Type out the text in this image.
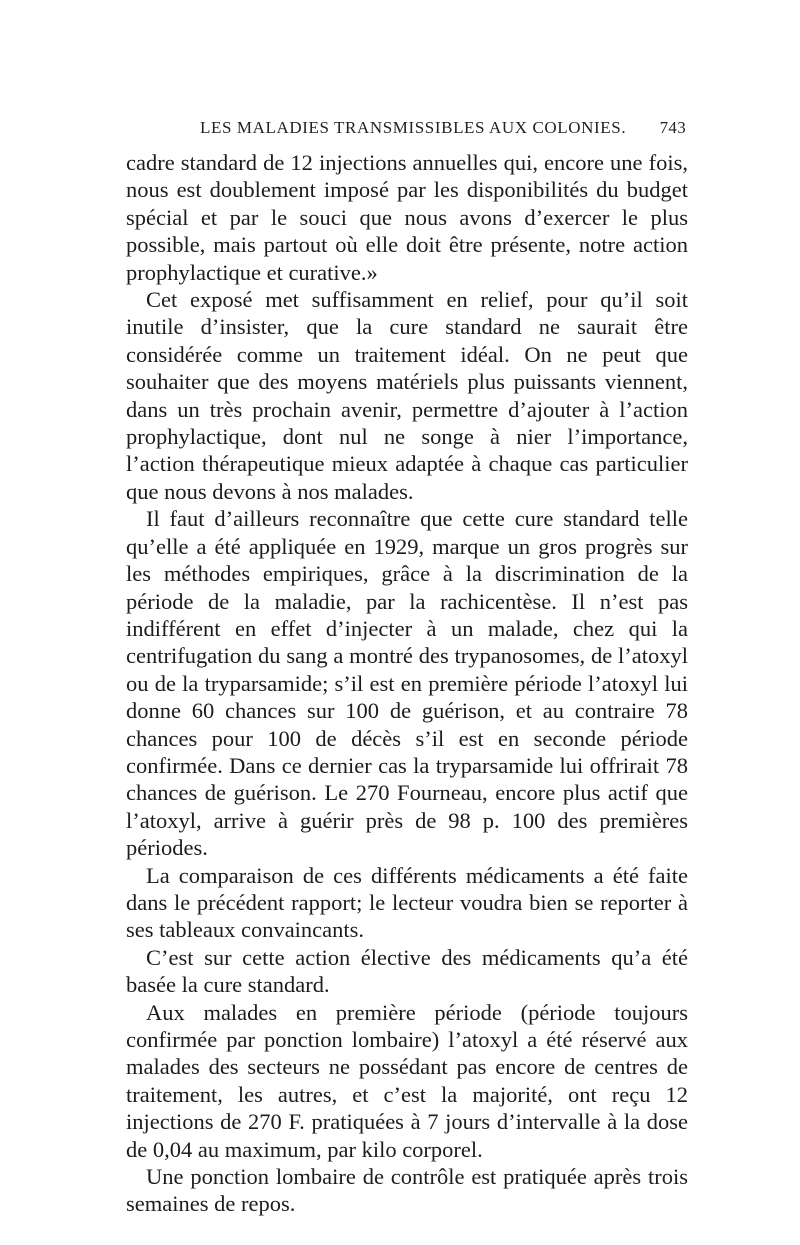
LES MALADIES TRANSMISSIBLES AUX COLONIES. 743

cadre standard de 12 injections annuelles qui, encore une fois, nous est doublement imposé par les disponibilités du budget spécial et par le souci que nous avons d’exercer le plus possible, mais partout où elle doit être présente, notre action prophylactique et curative.»

Cet exposé met suffisamment en relief, pour qu’il soit inutile d’insister, que la cure standard ne saurait être considérée comme un traitement idéal. On ne peut que souhaiter que des moyens matériels plus puissants viennent, dans un très prochain avenir, permettre d’ajouter à l’action prophylactique, dont nul ne songe à nier l’importance, l’action thérapeutique mieux adaptée à chaque cas particulier que nous devons à nos malades.

Il faut d’ailleurs reconnaître que cette cure standard telle qu’elle a été appliquée en 1929, marque un gros progrès sur les méthodes empiriques, grâce à la discrimination de la période de la maladie, par la rachicentèse. Il n’est pas indifférent en effet d’injecter à un malade, chez qui la centrifugation du sang a montré des trypanosomes, de l’atoxyl ou de la tryparsamide; s’il est en première période l’atoxyl lui donne 60 chances sur 100 de guérison, et au contraire 78 chances pour 100 de décès s’il est en seconde période confirmée. Dans ce dernier cas la tryparsamide lui offrirait 78 chances de guérison. Le 270 Fourneau, encore plus actif que l’atoxyl, arrive à guérir près de 98 p. 100 des premières périodes.

La comparaison de ces différents médicaments a été faite dans le précédent rapport; le lecteur voudra bien se reporter à ses tableaux convaincants.

C’est sur cette action élective des médicaments qu’a été basée la cure standard.

Aux malades en première période (période toujours confirmée par ponction lombaire) l’atoxyl a été réservé aux malades des secteurs ne possédant pas encore de centres de traitement, les autres, et c’est la majorité, ont reçu 12 injections de 270 F. pratiquées à 7 jours d’intervalle à la dose de 0,04 au maximum, par kilo corporel.

Une ponction lombaire de contrôle est pratiquée après trois semaines de repos.
